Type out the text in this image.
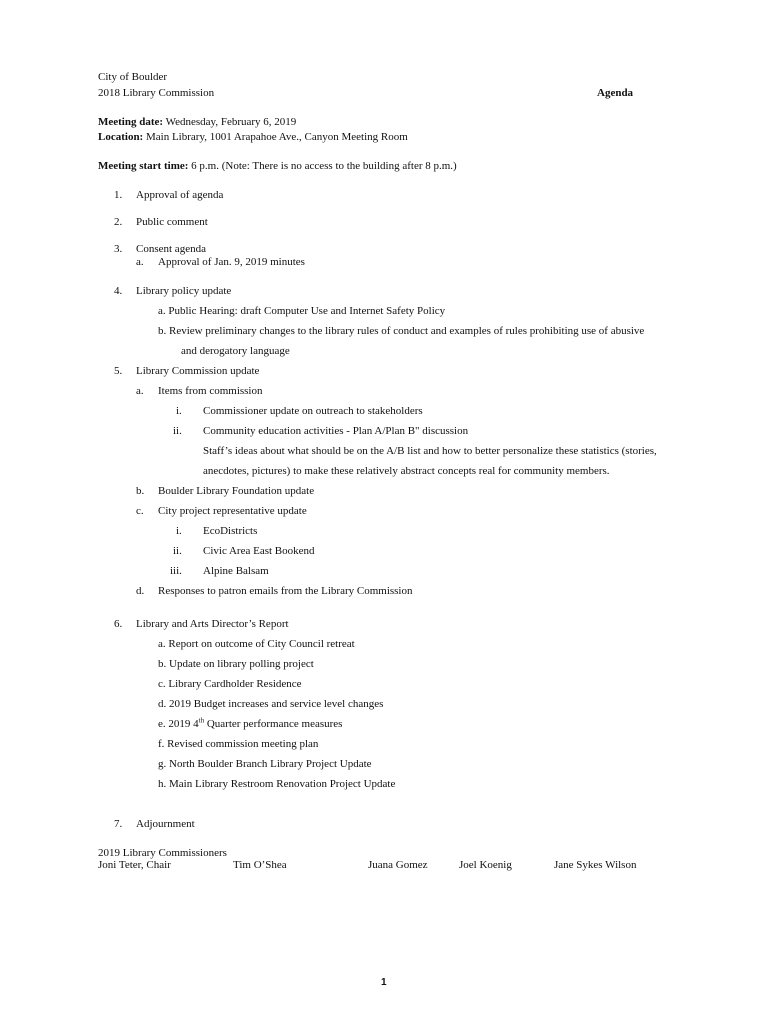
City of Boulder
2018 Library Commission	Agenda
Meeting date: Wednesday, February 6, 2019
Location: Main Library, 1001 Arapahoe Ave., Canyon Meeting Room
Meeting start time: 6 p.m. (Note: There is no access to the building after 8 p.m.)
1. Approval of agenda
2. Public comment
3. Consent agenda
a. Approval of Jan. 9, 2019 minutes
4. Library policy update
a. Public Hearing: draft Computer Use and Internet Safety Policy
b. Review preliminary changes to the library rules of conduct and examples of rules prohibiting use of abusive
and derogatory language
5. Library Commission update
a. Items from commission
i. Commissioner update on outreach to stakeholders
ii. Community education activities - Plan A/Plan B" discussion
Staff’s ideas about what should be on the A/B list and how to better personalize these statistics (stories,
anecdotes, pictures) to make these relatively abstract concepts real for community members.
b. Boulder Library Foundation update
c. City project representative update
i. EcoDistricts
ii. Civic Area East Bookend
iii. Alpine Balsam
d. Responses to patron emails from the Library Commission
6. Library and Arts Director’s Report
a. Report on outcome of City Council retreat
b. Update on library polling project
c. Library Cardholder Residence
d. 2019 Budget increases and service level changes
e. 2019 4th Quarter performance measures
f. Revised commission meeting plan
g. North Boulder Branch Library Project Update
h. Main Library Restroom Renovation Project Update
7. Adjournment
2019 Library Commissioners
Joni Teter, Chair	Tim O’Shea	Juana Gomez	Joel Koenig	Jane Sykes Wilson
1
